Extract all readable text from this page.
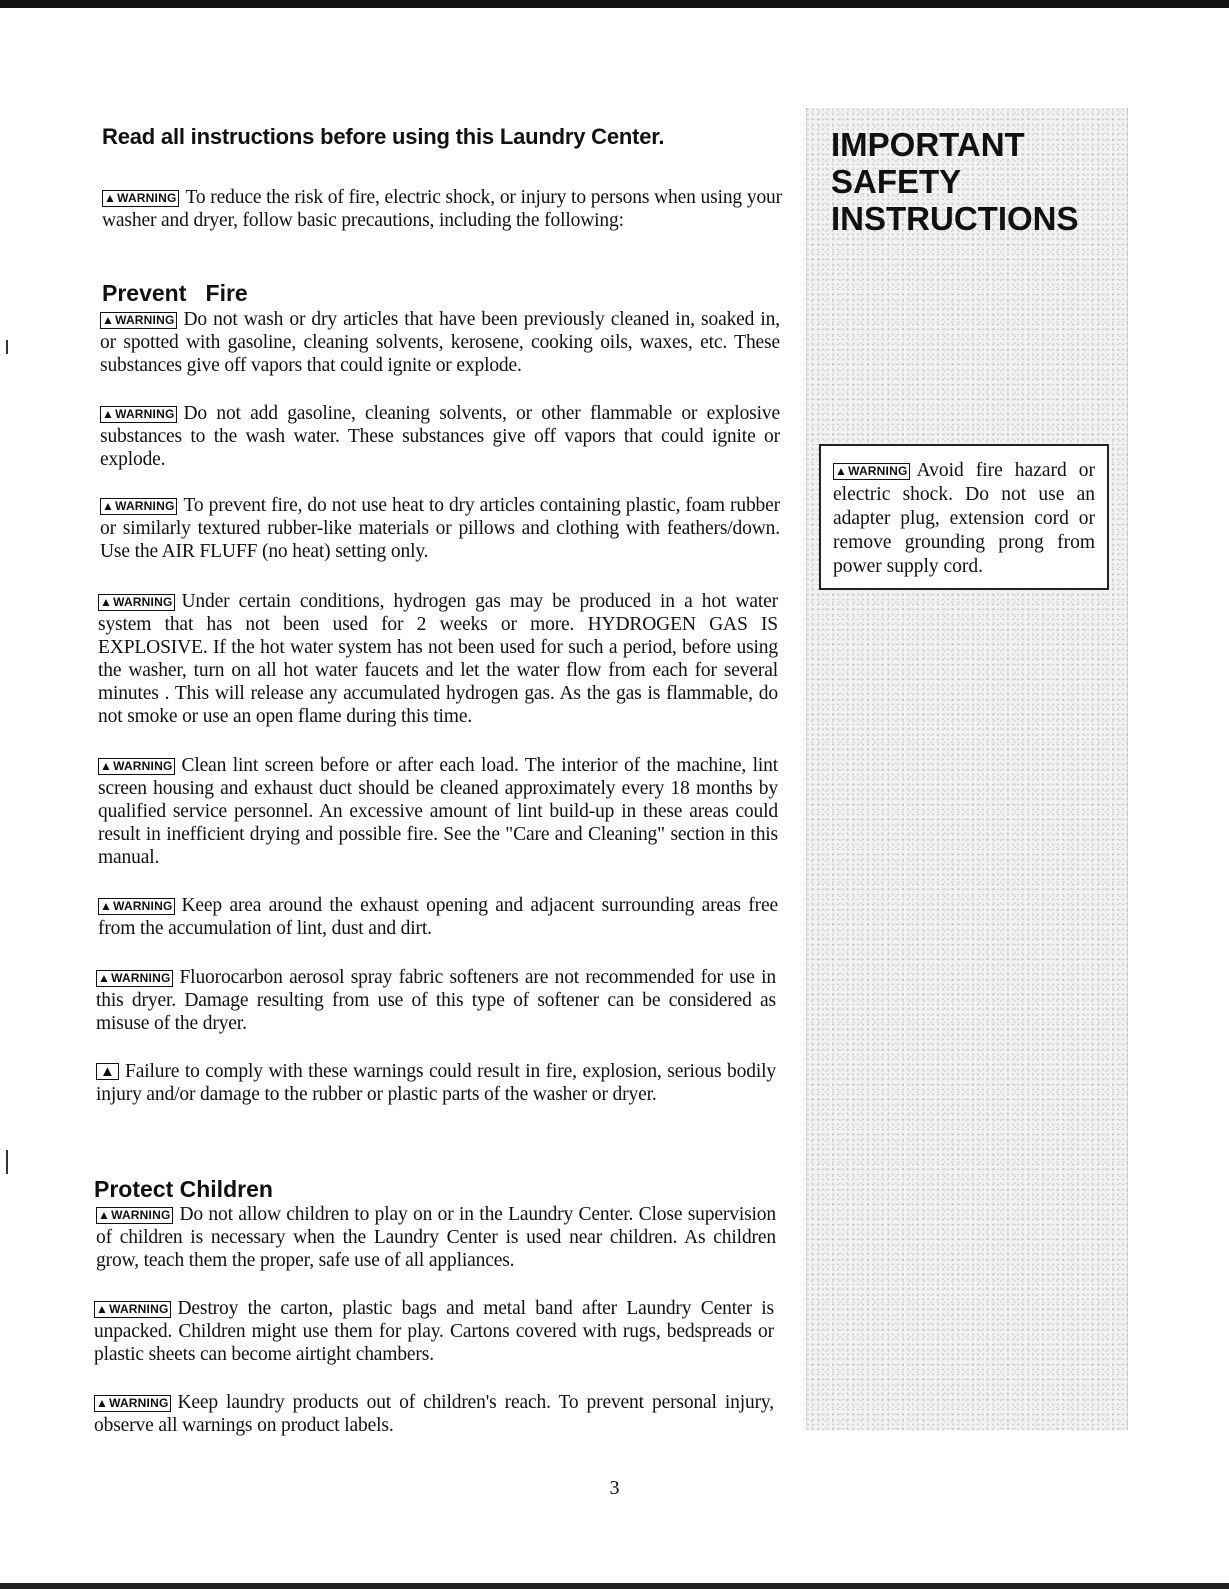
Read all instructions before using this Laundry Center.
▲WARNING To reduce the risk of fire, electric shock, or injury to persons when using your washer and dryer, follow basic precautions, including the following:
Prevent   Fire
▲WARNING Do not wash or dry articles that have been previously cleaned in, soaked in, or spotted with gasoline, cleaning solvents, kerosene, cooking oils, waxes, etc. These substances give off vapors that could ignite or explode.
▲WARNING Do not add gasoline, cleaning solvents, or other flammable or explosive substances to the wash water. These substances give off vapors that could ignite or explode.
▲WARNING To prevent fire, do not use heat to dry articles containing plastic, foam rubber or similarly textured rubber-like materials or pillows and clothing with feathers/down. Use the AIR FLUFF (no heat) setting only.
▲WARNING Under certain conditions, hydrogen gas may be produced in a hot water system that has not been used for 2 weeks or more. HYDROGEN GAS IS EXPLOSIVE. If the hot water system has not been used for such a period, before using the washer, turn on all hot water faucets and let the water flow from each for several minutes . This will release any accumulated hydrogen gas. As the gas is flammable, do not smoke or use an open flame during this time.
▲WARNING Clean lint screen before or after each load. The interior of the machine, lint screen housing and exhaust duct should be cleaned approximately every 18 months by qualified service personnel. An excessive amount of lint build-up in these areas could result in inefficient drying and possible fire. See the "Care and Cleaning" section in this manual.
▲WARNING Keep area around the exhaust opening and adjacent surrounding areas free from the accumulation of lint, dust and dirt.
▲WARNING Fluorocarbon aerosol spray fabric softeners are not recommended for use in this dryer. Damage resulting from use of this type of softener can be considered as misuse of the dryer.
▲ Failure to comply with these warnings could result in fire, explosion, serious bodily injury and/or damage to the rubber or plastic parts of the washer or dryer.
Protect Children
▲WARNING Do not allow children to play on or in the Laundry Center. Close supervision of children is necessary when the Laundry Center is used near children. As children grow, teach them the proper, safe use of all appliances.
▲WARNING Destroy the carton, plastic bags and metal band after Laundry Center is unpacked. Children might use them for play. Cartons covered with rugs, bedspreads or plastic sheets can become airtight chambers.
▲WARNING Keep laundry products out of children's reach. To prevent personal injury, observe all warnings on product labels.
IMPORTANT
SAFETY
INSTRUCTIONS
▲WARNING Avoid fire hazard or electric shock. Do not use an adapter plug, extension cord or remove grounding prong from power supply cord.
3
